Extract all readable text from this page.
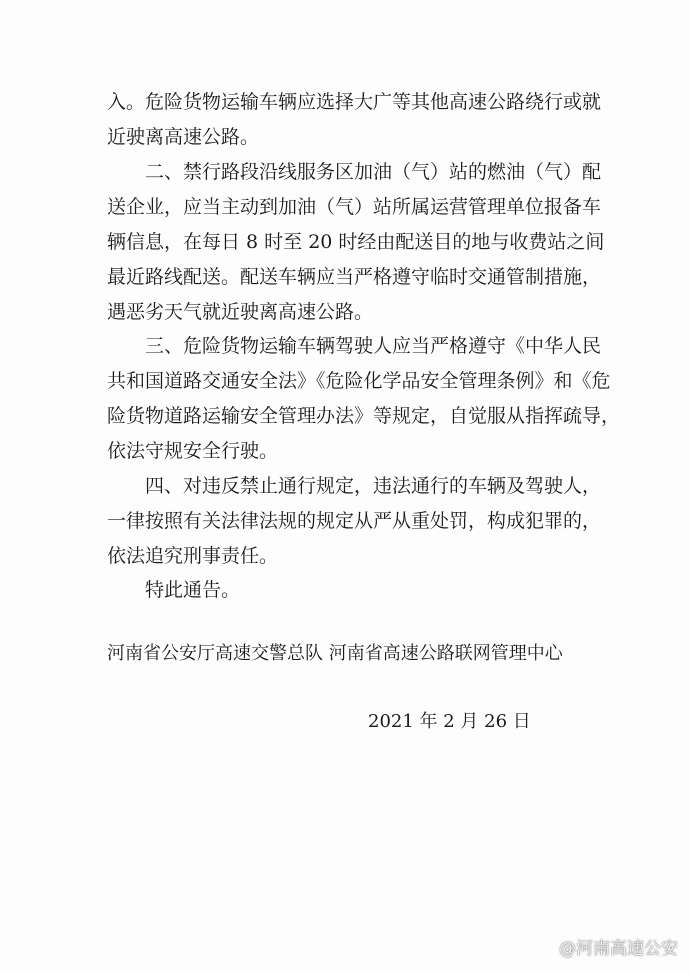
入。危险货物运输车辆应选择大广等其他高速公路绕行或就
近驶离高速公路。
二、禁行路段沿线服务区加油（气）站的燃油（气）配
送企业，应当主动到加油（气）站所属运营管理单位报备车
辆信息，在每日 8 时至 20 时经由配送目的地与收费站之间
最近路线配送。配送车辆应当严格遵守临时交通管制措施，
遇恶劣天气就近驶离高速公路。
三、危险货物运输车辆驾驶人应当严格遵守《中华人民
共和国道路交通安全法》《危险化学品安全管理条例》和《危
险货物道路运输安全管理办法》等规定，自觉服从指挥疏导，
依法守规安全行驶。
四、对违反禁止通行规定，违法通行的车辆及驾驶人，
一律按照有关法律法规的规定从严从重处罚，构成犯罪的，
依法追究刑事责任。
特此通告。
河南省公安厅高速交警总队 河南省高速公路联网管理中心
2021 年 2 月 26 日
@河南高速公安
